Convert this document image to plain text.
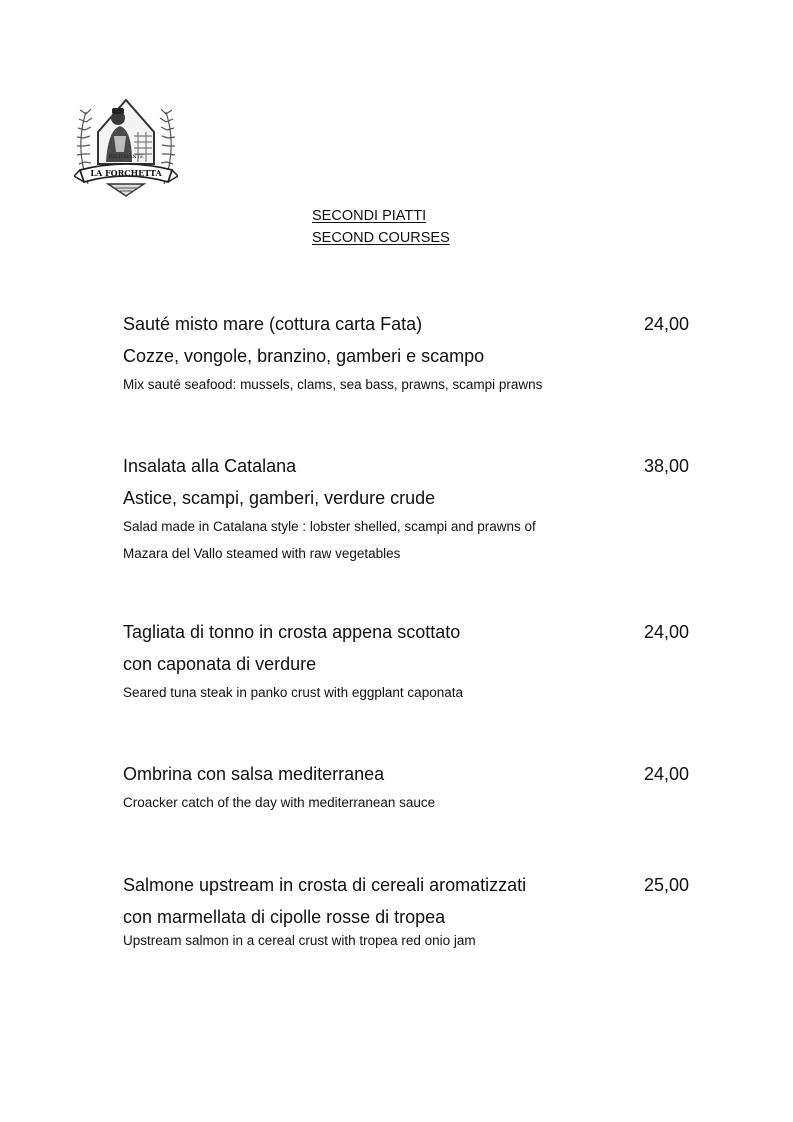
RISTORANTE
LA FORCHETTA
SECONDI PIATTI
SECOND COURSES
Sauté misto mare (cottura carta Fata)	24,00
Cozze, vongole, branzino, gamberi e scampo
Mix sauté seafood: mussels, clams, sea bass, prawns, scampi prawns
Insalata alla Catalana	38,00
Astice, scampi, gamberi, verdure crude
Salad made in Catalana style : lobster shelled, scampi and prawns of
Mazara del Vallo steamed with raw vegetables
Tagliata di tonno in crosta appena scottato	24,00
con caponata di verdure
Seared tuna steak in panko crust with eggplant caponata
Ombrina con salsa mediterranea	24,00
Croacker catch of the day with mediterranean sauce
Salmone upstream in crosta di cereali aromatizzati	25,00
con marmellata di cipolle rosse di tropea
Upstream salmon in a cereal crust with tropea red onio jam
